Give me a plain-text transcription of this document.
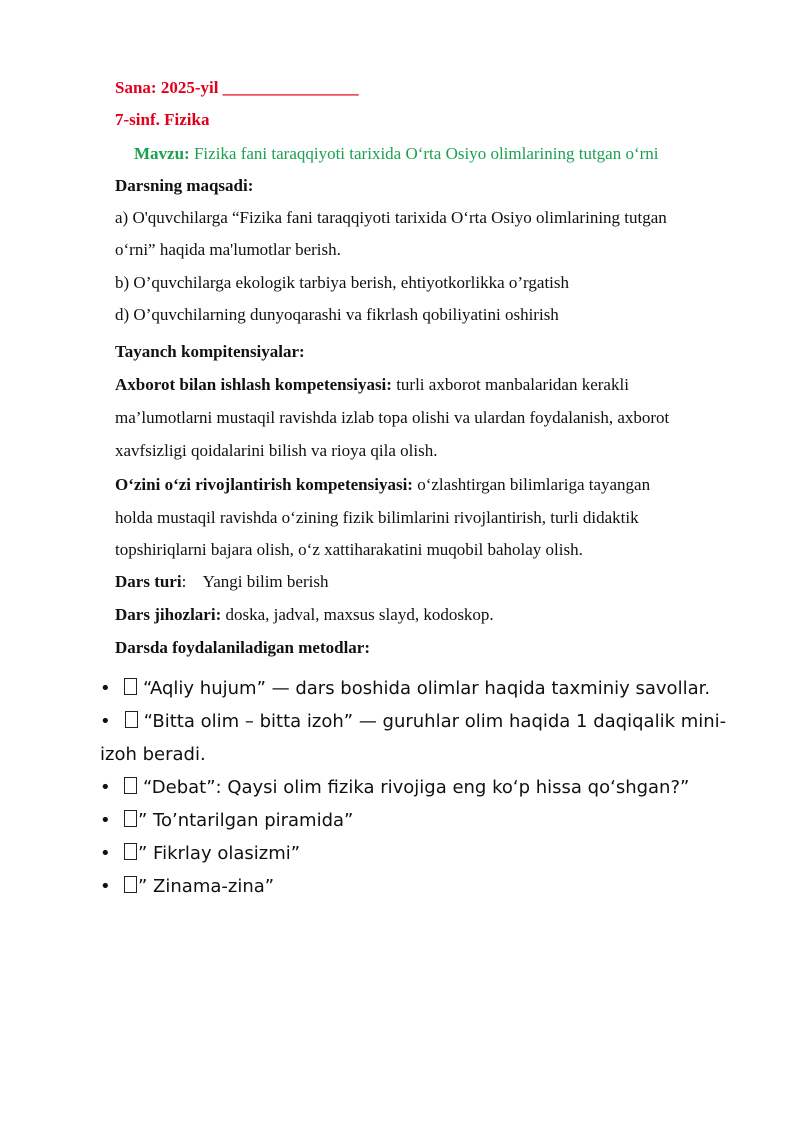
Sana: 2025-yil ________________
7-sinf. Fizika
Mavzu: Fizika fani taraqqiyoti tarixida O‘rta Osiyo olimlarining tutgan o‘rni
Darsning maqsadi:
a) O'quvchilarga “Fizika fani taraqqiyoti tarixida O‘rta Osiyo olimlarining tutgan
o‘rni” haqida ma'lumotlar berish.
b) O’quvchilarga ekologik tarbiya berish, ehtiyotkorlikka o’rgatish
d) O’quvchilarning dunyoqarashi va fikrlash qobiliyatini oshirish
Tayanch kompitensiyalar:
Axborot bilan ishlash kompetensiyasi: turli axborot manbalaridan kerakli
ma’lumotlarni mustaqil ravishda izlab topa olishi va ulardan foydalanish, axborot
xavfsizligi qoidalarini bilish va rioya qila olish.
O‘zini o‘zi rivojlantirish kompetensiyasi: o‘zlashtirgan bilimlariga tayangan
holda mustaqil ravishda o‘zining fizik bilimlarini rivojlantirish, turli didaktik
topshiriqlarni bajara olish, o‘z xattiharakatini muqobil baholay olish.
Dars turi:    Yangi bilim berish
Dars jihozlari: doska, jadval, maxsus slayd, kodoskop.
Darsda foydalaniladigan metodlar:
• “Aqliy hujum” — dars boshida olimlar haqida taxminiy savollar.
• “Bitta olim – bitta izoh” — guruhlar olim haqida 1 daqiqalik mini-
izoh beradi.
• “Debat”: Qaysi olim fizika rivojiga eng ko‘p hissa qo‘shgan?”
• ” To’ntarilgan piramida”
• ” Fikrlay olasizmi”
• ” Zinama-zina”
